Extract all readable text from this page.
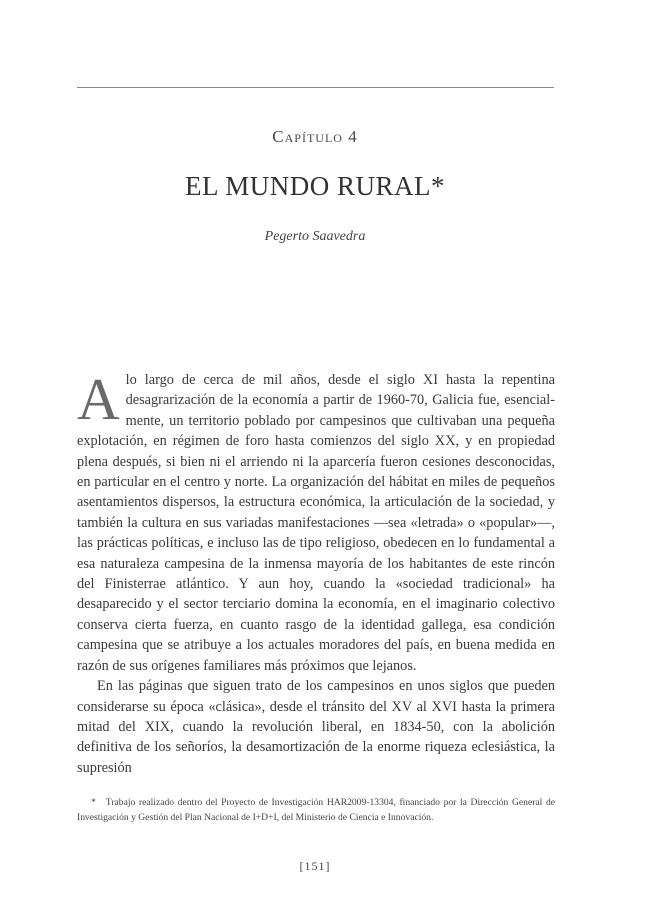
Capítulo 4
EL MUNDO RURAL*
Pegerto Saavedra

Alo largo de cerca de mil años, desde el siglo XI hasta la repentina desagrarización de la economía a partir de 1960-70, Galicia fue, esencialmente, un territorio poblado por campesinos que cultivaban una pequeña explotación, en régimen de foro hasta comienzos del siglo XX, y en propiedad plena después, si bien ni el arriendo ni la aparcería fueron cesiones desconocidas, en particular en el centro y norte. La organización del hábitat en miles de pequeños asentamientos dispersos, la estructura económica, la articulación de la sociedad, y también la cultura en sus variadas manifestaciones —sea «letrada» o «popular»—, las prácticas políticas, e incluso las de tipo religioso, obedecen en lo fundamental a esa naturaleza campesina de la inmensa mayoría de los habitantes de este rincón del Finisterrae atlántico. Y aun hoy, cuando la «sociedad tradicional» ha desaparecido y el sector terciario domina la economía, en el imaginario colectivo conserva cierta fuerza, en cuanto rasgo de la identidad gallega, esa condición campesina que se atribuye a los actuales moradores del país, en buena medida en razón de sus orígenes familiares más próximos que lejanos.

En las páginas que siguen trato de los campesinos en unos siglos que pueden considerarse su época «clásica», desde el tránsito del XV al XVI hasta la primera mitad del XIX, cuando la revolución liberal, en 1834-50, con la abolición definitiva de los señoríos, la desamortización de la enorme riqueza eclesiástica, la supresión

* Trabajo realizado dentro del Proyecto de Investigación HAR2009-13304, financiado por la Dirección General de Investigación y Gestión del Plan Nacional de I+D+I, del Ministerio de Ciencia e Innovación.
[151]
